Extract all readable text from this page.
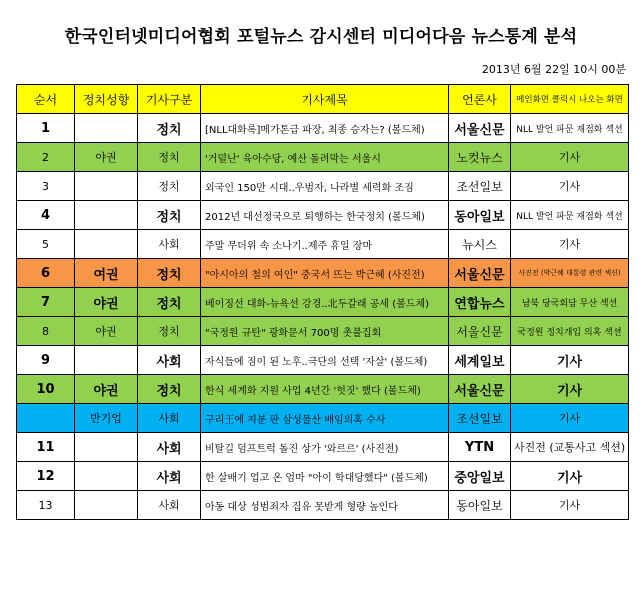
한국인터넷미디어협회 포털뉴스 감시센터 미디어다음 뉴스통계 분석
2013년 6월 22일 10시 00분
순서	정치성향	기사구분	기사제목	언론사	메인화면 클릭시 나오는 화면
1		정치	[NLL대화록]메가톤급 파장, 최종 승자는? (볼드체)	서울신문	NLL 발언 파문 재점화 섹션
2	야권	정치	'거덜난' 육아수당, 예산 돌려막는 서울시	노컷뉴스	기사
3		정치	외국인 150만 시대..우범자, 나라별 세력화 조짐	조선일보	기사
4		정치	2012년 대선정국으로 퇴행하는 한국정치 (볼드체)	동아일보	NLL 발언 파문 재점화 섹션
5		사회	주말 무더위 속 소나기..제주 휴일 장마	뉴시스	기사
6	여권	정치	"아시아의 철의 여인" 중국서 뜨는 박근혜 (사진전)	서울신문	사진전 (박근혜 대통령 관련 섹션)
7	야권	정치	베이징선 대화-뉴욕선 강경..北두갈래 공세 (볼드체)	연합뉴스	남북 당국회담 무산 섹션
8	야권	정치	"국정원 규탄" 광화문서 700명 촛불집회	서울신문	국정원 정치개입 의혹 섹션
9		사회	자식들에 짐이 된 노후..극단의 선택 '자살' (볼드체)	세계일보	기사
10	야권	정치	한식 세계화 지원 사업 4년간 '헛짓' 했다 (볼드체)	서울신문	기사
	반기업	사회	구리王에 지분 판 삼성물산 배임의혹 수사	조선일보	기사
11		사회	비탈길 덤프트럭 돌진 상가 '와르르' (사진전)	YTN	사진전 (교통사고 섹션)
12		사회	한 살배기 업고 온 엄마 "아이 학대당했다" (볼드체)	중앙일보	기사
13		사회	아동 대상 성범죄자 집유 못받게 형량 높인다	동아일보	기사
